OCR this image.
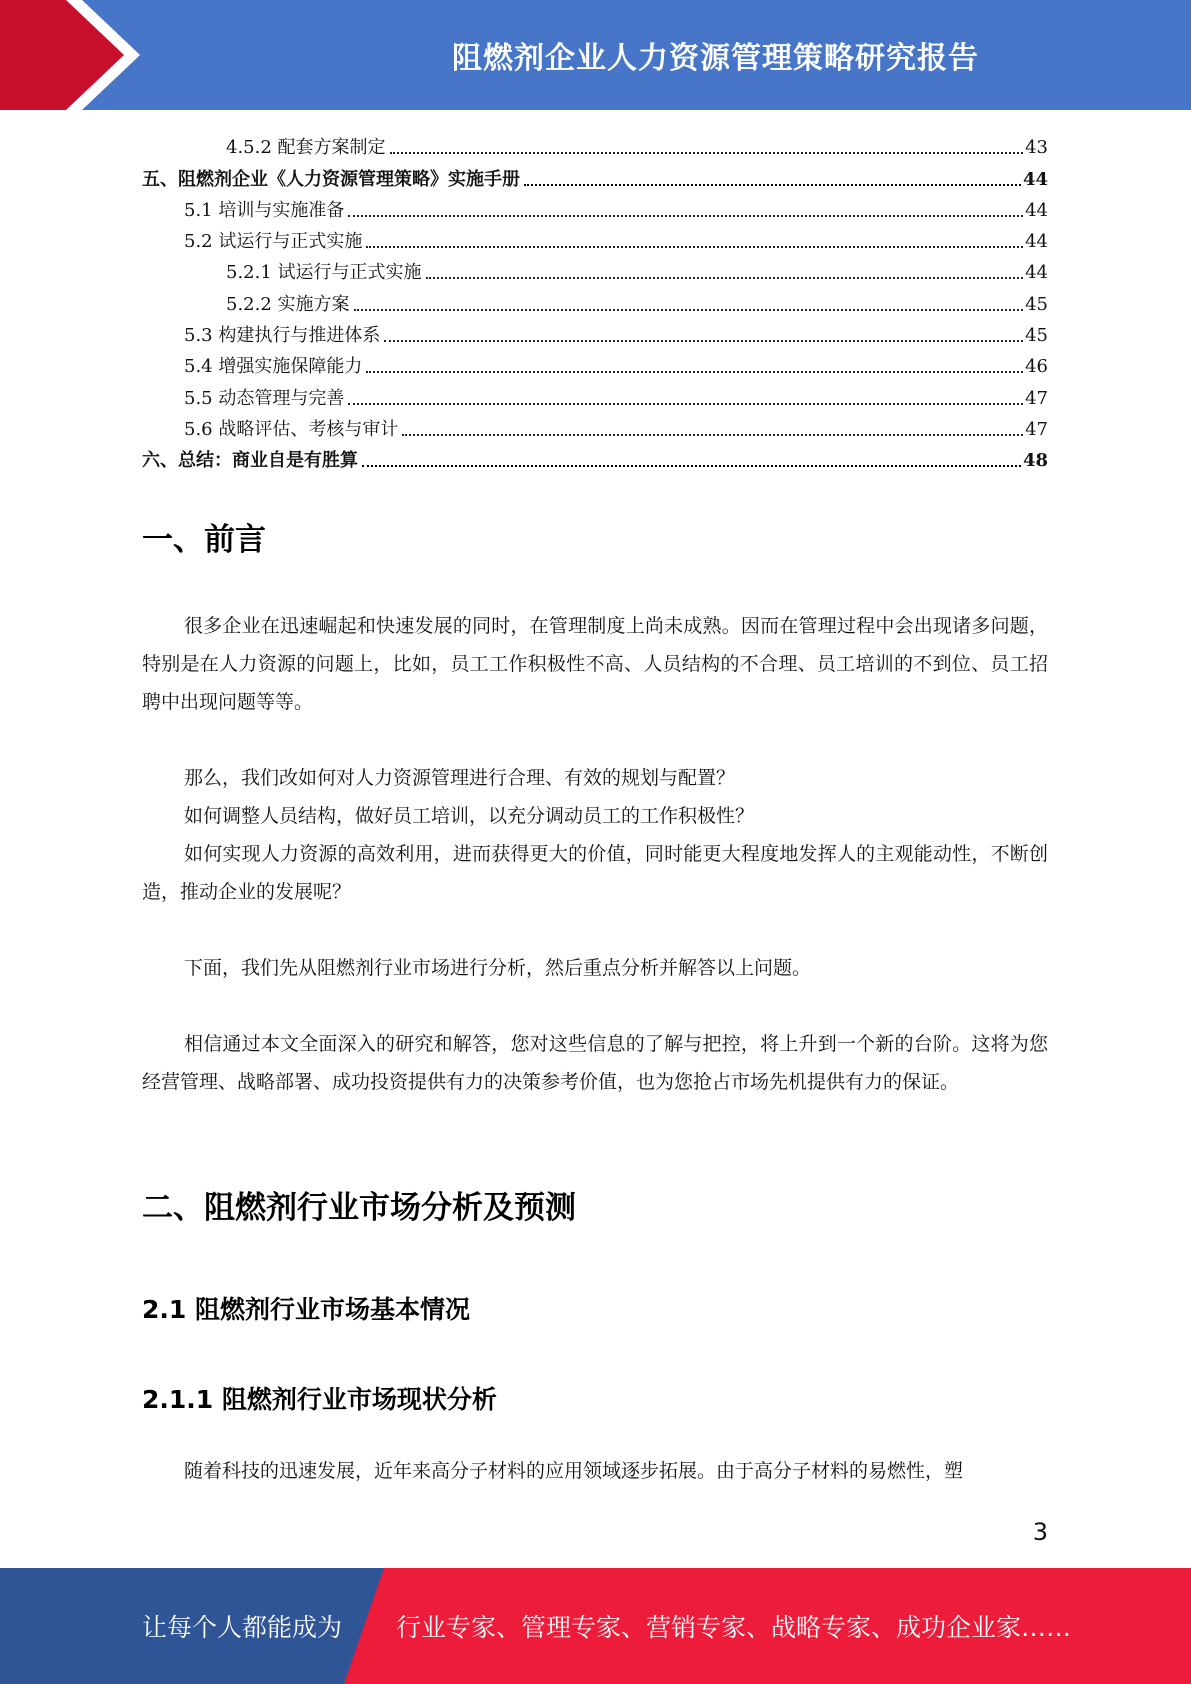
阻燃剂企业人力资源管理策略研究报告
4.5.2 配套方案制定	43
五、阻燃剂企业《人力资源管理策略》实施手册	44
5.1 培训与实施准备	44
5.2 试运行与正式实施	44
5.2.1 试运行与正式实施	44
5.2.2 实施方案	45
5.3 构建执行与推进体系	45
5.4 增强实施保障能力	46
5.5 动态管理与完善	47
5.6 战略评估、考核与审计	47
六、总结：商业自是有胜算	48
一、前言
很多企业在迅速崛起和快速发展的同时，在管理制度上尚未成熟。因而在管理过程中会出现诸多问题，特别是在人力资源的问题上，比如，员工工作积极性不高、人员结构的不合理、员工培训的不到位、员工招聘中出现问题等等。
那么，我们改如何对人力资源管理进行合理、有效的规划与配置？
如何调整人员结构，做好员工培训，以充分调动员工的工作积极性？
如何实现人力资源的高效利用，进而获得更大的价值，同时能更大程度地发挥人的主观能动性，不断创造，推动企业的发展呢？
下面，我们先从阻燃剂行业市场进行分析，然后重点分析并解答以上问题。
相信通过本文全面深入的研究和解答，您对这些信息的了解与把控，将上升到一个新的台阶。这将为您经营管理、战略部署、成功投资提供有力的决策参考价值，也为您抢占市场先机提供有力的保证。
二、阻燃剂行业市场分析及预测
2.1 阻燃剂行业市场基本情况
2.1.1 阻燃剂行业市场现状分析
随着科技的迅速发展，近年来高分子材料的应用领域逐步拓展。由于高分子材料的易燃性，塑
3
让每个人都能成为 行业专家、管理专家、营销专家、战略专家、成功企业家……
